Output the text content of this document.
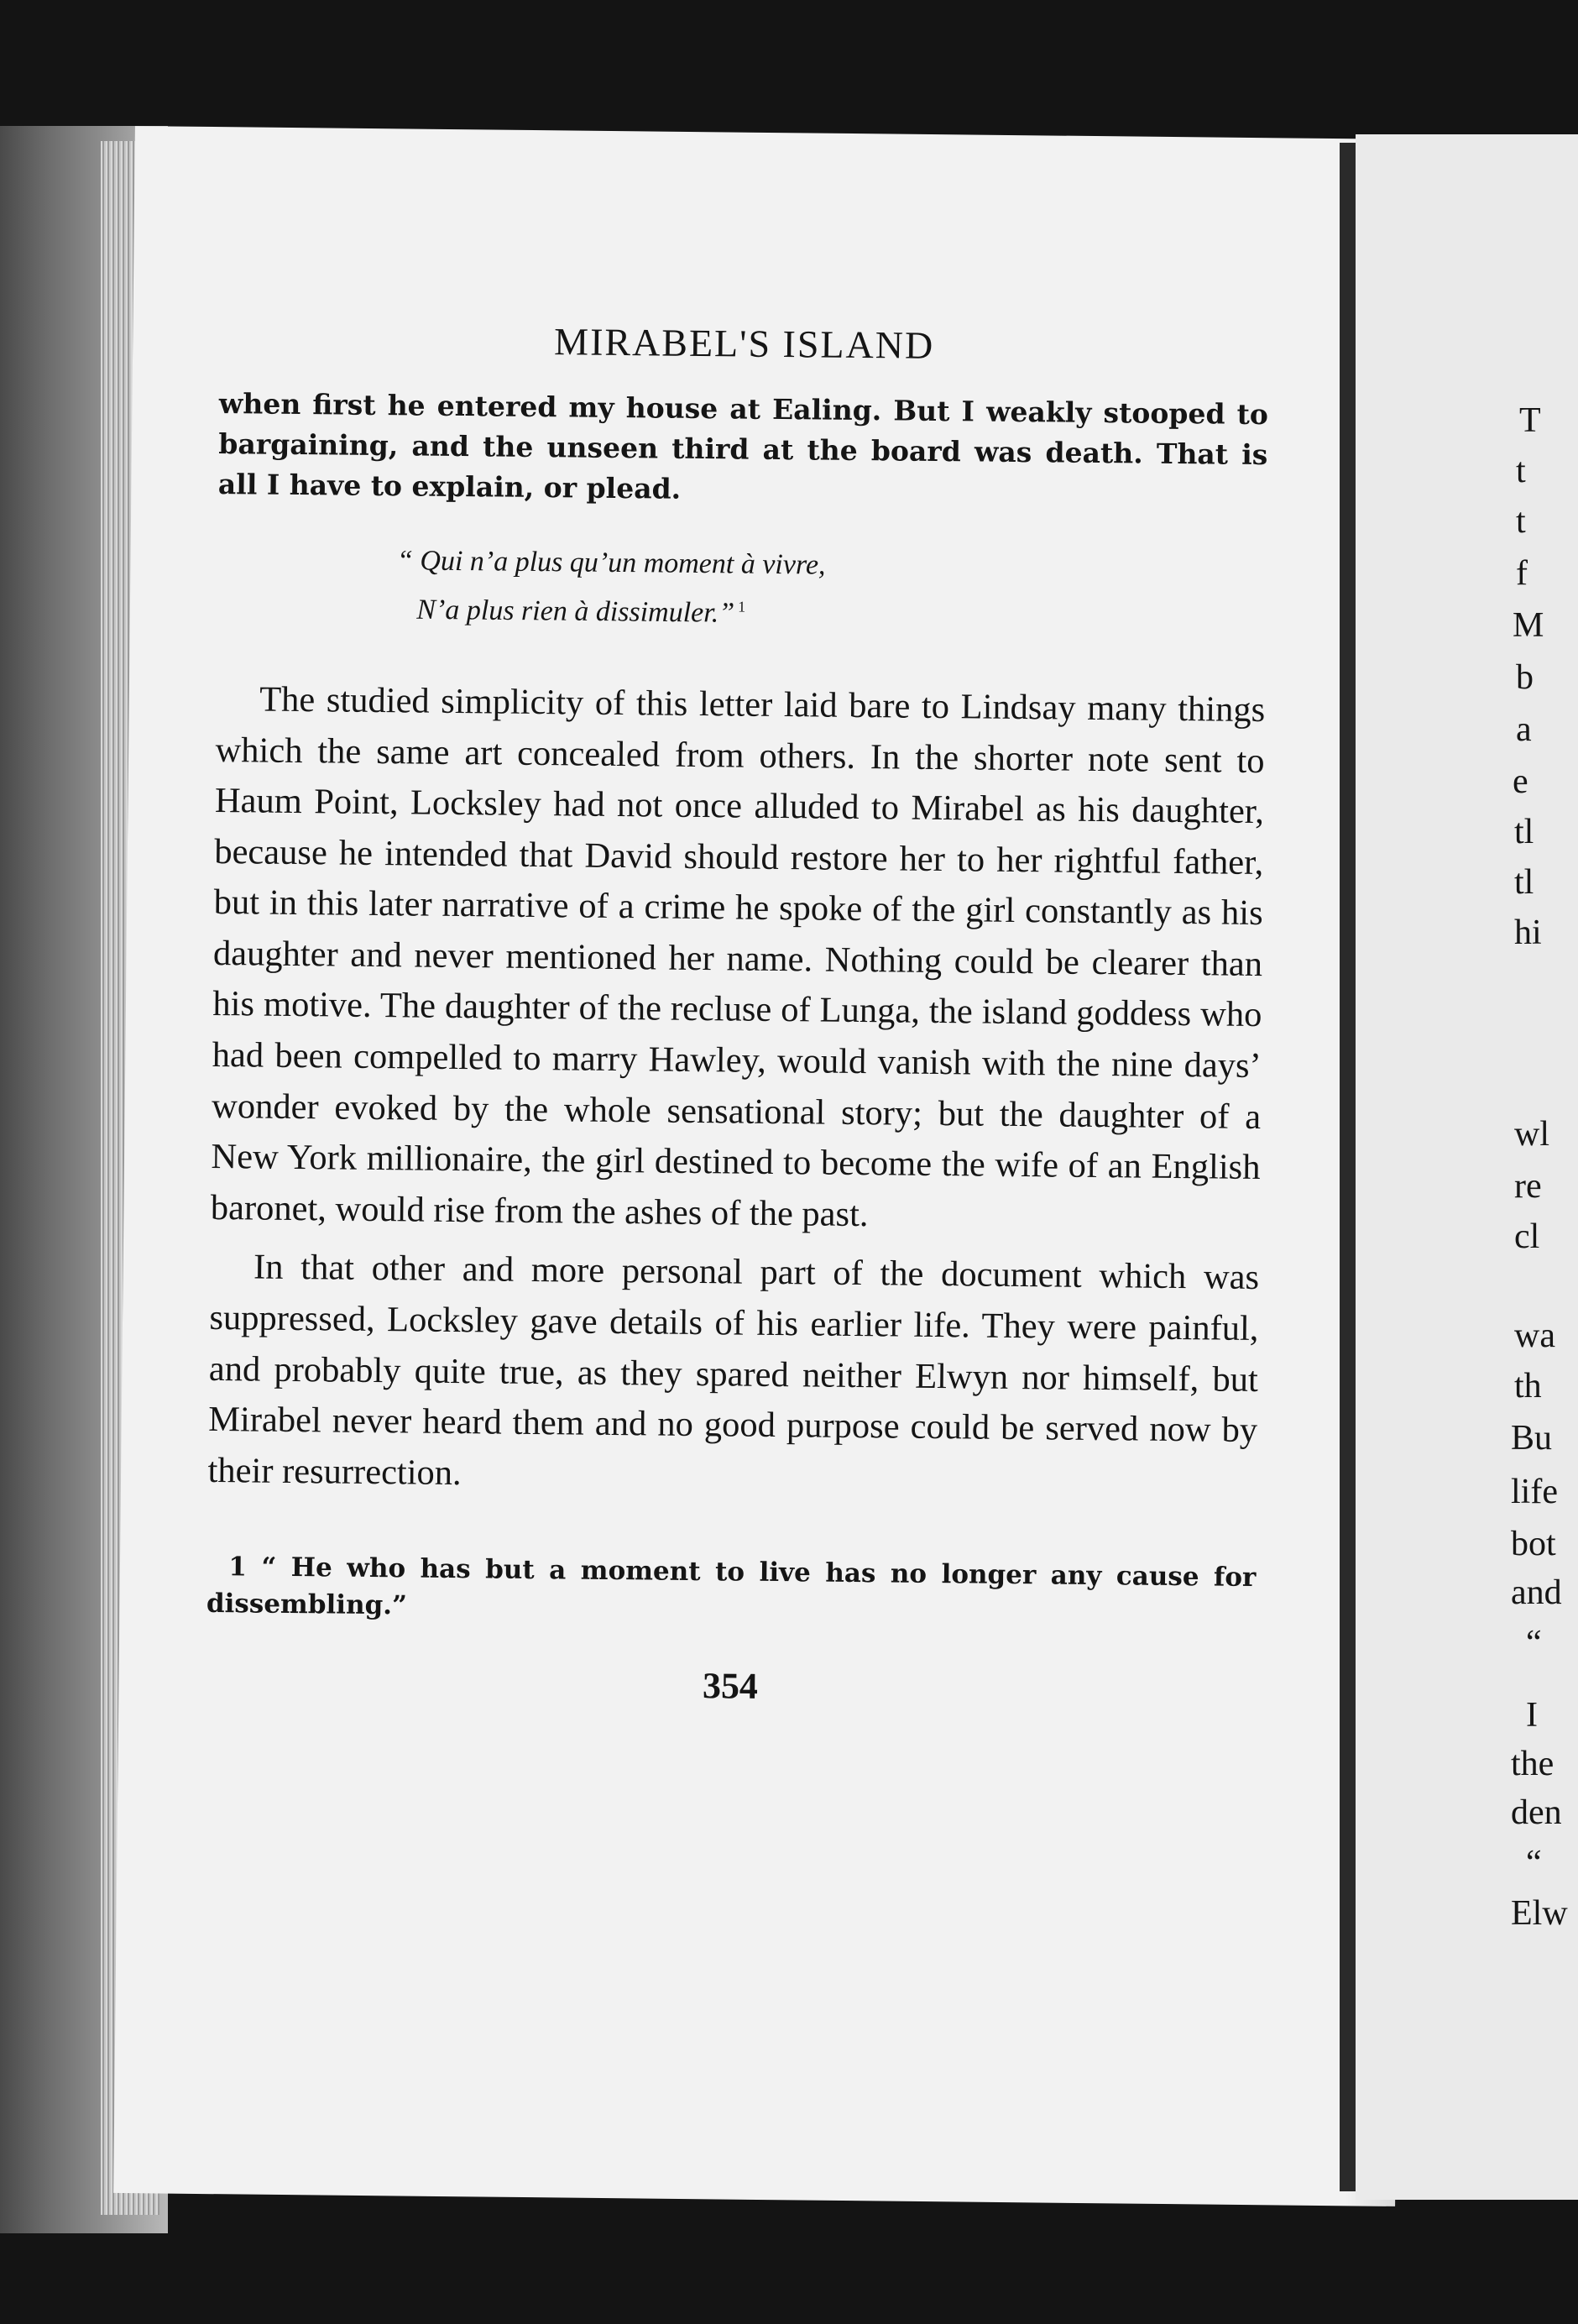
MIRABEL'S ISLAND

when first he entered my house at Ealing. But I weakly stooped to bargaining, and the unseen third at the board was death. That is all I have to explain, or plead.

“ Qui n’a plus qu’un moment à vivre,
N’a plus rien à dissimuler.” $^1$

The studied simplicity of this letter laid bare to Lindsay many things which the same art concealed from others. In the shorter note sent to Haum Point, Locksley had not once alluded to Mirabel as his daughter, because he intended that David should restore her to her rightful father, but in this later narrative of a crime he spoke of the girl constantly as his daughter and never mentioned her name. Nothing could be clearer than his motive. The daughter of the recluse of Lunga, the island goddess who had been compelled to marry Hawley, would vanish with the nine days’ wonder evoked by the whole sensational story; but the daughter of a New York millionaire, the girl destined to become the wife of an English baronet, would rise from the ashes of the past.

In that other and more personal part of the document which was suppressed, Locksley gave details of his earlier life. They were painful, and probably quite true, as they spared neither Elwyn nor himself, but Mirabel never heard them and no good purpose could be served now by their resurrection.

1 “ He who has but a moment to live has no longer any cause for dissembling.”

354
T
t
t
f
M
b
a
e
tl
tl
hi
wl
re
cl
wa
th
Bu
life
bot
and
“
I
the
den
“
Elw
